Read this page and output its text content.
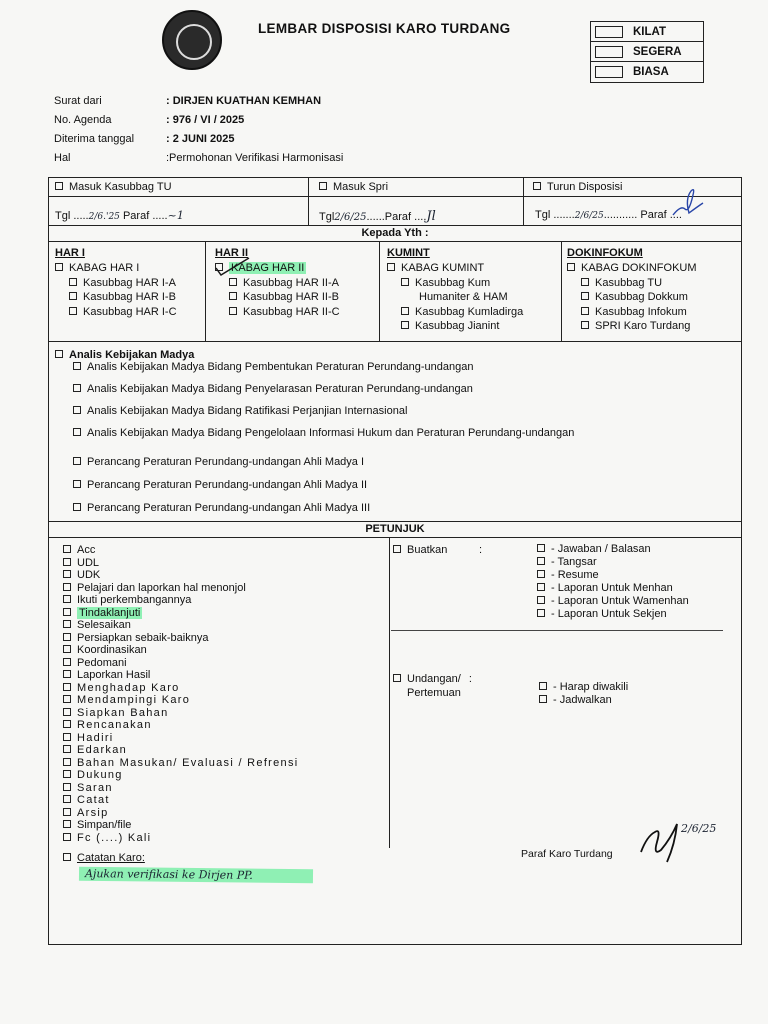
LEMBAR DISPOSISI KARO TURDANG	KILAT
SEGERA
BIASA
Surat dari	: DIRJEN KUATHAN KEMHAN
No. Agenda	: 976 / VI / 2025
Diterima tanggal	: 2 JUNI 2025
Hal	:Permohonan Verifikasi Harmonisasi
Masuk Kasubbag TU	Masuk Spri	Turun Disposisi
Tgl .....2/6.'25 Paraf .....~1	Tgl2/6/25......Paraf ....Jl	Tgl .......2/6/25........... Paraf ....
Kepada Yth :
HAR I
KABAG HAR I
Kasubbag HAR I-A
Kasubbag HAR I-B
Kasubbag HAR I-C
HAR II
KABAG HAR II
Kasubbag HAR II-A
Kasubbag HAR II-B
Kasubbag HAR II-C
KUMINT
KABAG KUMINT
Kasubbag Kum
Humaniter & HAM
Kasubbag Kumladirga
Kasubbag Jianint
DOKINFOKUM
KABAG DOKINFOKUM
Kasubbag TU
Kasubbag Dokkum
Kasubbag Infokum
SPRI Karo Turdang
Analis Kebijakan Madya
Analis Kebijakan Madya Bidang Pembentukan Peraturan Perundang-undangan
Analis Kebijakan Madya Bidang Penyelarasan Peraturan Perundang-undangan
Analis Kebijakan Madya Bidang Ratifikasi Perjanjian Internasional
Analis Kebijakan Madya Bidang Pengelolaan Informasi Hukum dan Peraturan Perundang-undangan
Perancang Peraturan Perundang-undangan Ahli Madya I
Perancang Peraturan Perundang-undangan Ahli Madya II
Perancang Peraturan Perundang-undangan Ahli Madya III
PETUNJUK
Acc
UDL
UDK
Pelajari dan laporkan hal menonjol
Ikuti perkembangannya
Tindaklanjuti
Selesaikan
Persiapkan sebaik-baiknya
Koordinasikan
Pedomani
Laporkan Hasil
Menghadap Karo
Mendampingi Karo
Siapkan Bahan
Rencanakan
Hadiri
Edarkan
Bahan Masukan/ Evaluasi / Refrensi
Dukung
Saran
Catat
Arsip
Simpan/file
Fc (....) Kali
Buatkan	:	- Jawaban / Balasan
- Tangsar
- Resume
- Laporan Untuk Menhan
- Laporan Untuk Wamenhan
- Laporan Untuk Sekjen
Undangan/ :
Pertemuan
- Harap diwakili
- Jadwalkan
Catatan Karo:	Paraf Karo Turdang
2/6/25
Ajukan verifikasi ke Dirjen PP.
